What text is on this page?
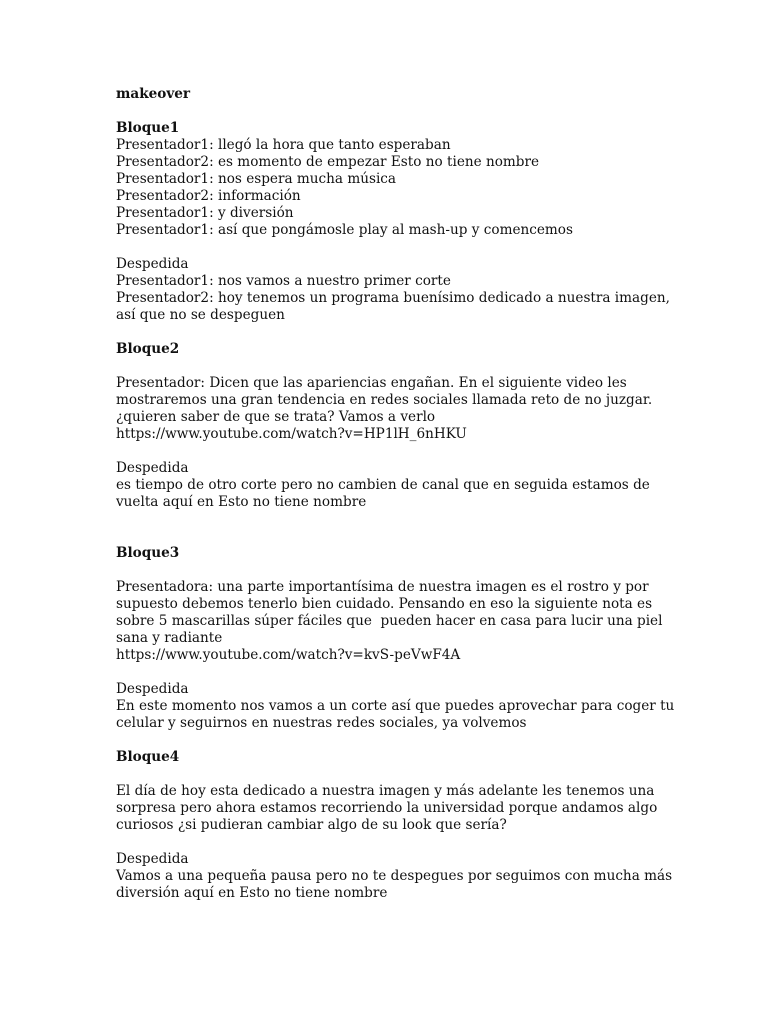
makeover
Bloque1
Presentador1: llegó la hora que tanto esperaban
Presentador2: es momento de empezar Esto no tiene nombre
Presentador1: nos espera mucha música
Presentador2: información
Presentador1: y diversión
Presentador1: así que pongámosle play al mash-up y comencemos
Despedida
Presentador1: nos vamos a nuestro primer corte
Presentador2: hoy tenemos un programa buenísimo dedicado a nuestra imagen,
así que no se despeguen
Bloque2
Presentador: Dicen que las apariencias engañan. En el siguiente video les
mostraremos una gran tendencia en redes sociales llamada reto de no juzgar.
¿quieren saber de que se trata? Vamos a verlo
https://www.youtube.com/watch?v=HP1lH_6nHKU
Despedida
es tiempo de otro corte pero no cambien de canal que en seguida estamos de
vuelta aquí en Esto no tiene nombre
Bloque3
Presentadora: una parte importantísima de nuestra imagen es el rostro y por
supuesto debemos tenerlo bien cuidado. Pensando en eso la siguiente nota es
sobre 5 mascarillas súper fáciles que  pueden hacer en casa para lucir una piel
sana y radiante
https://www.youtube.com/watch?v=kvS-peVwF4A
Despedida
En este momento nos vamos a un corte así que puedes aprovechar para coger tu
celular y seguirnos en nuestras redes sociales, ya volvemos
Bloque4
El día de hoy esta dedicado a nuestra imagen y más adelante les tenemos una
sorpresa pero ahora estamos recorriendo la universidad porque andamos algo
curiosos ¿si pudieran cambiar algo de su look que sería?
Despedida
Vamos a una pequeña pausa pero no te despegues por seguimos con mucha más
diversión aquí en Esto no tiene nombre
